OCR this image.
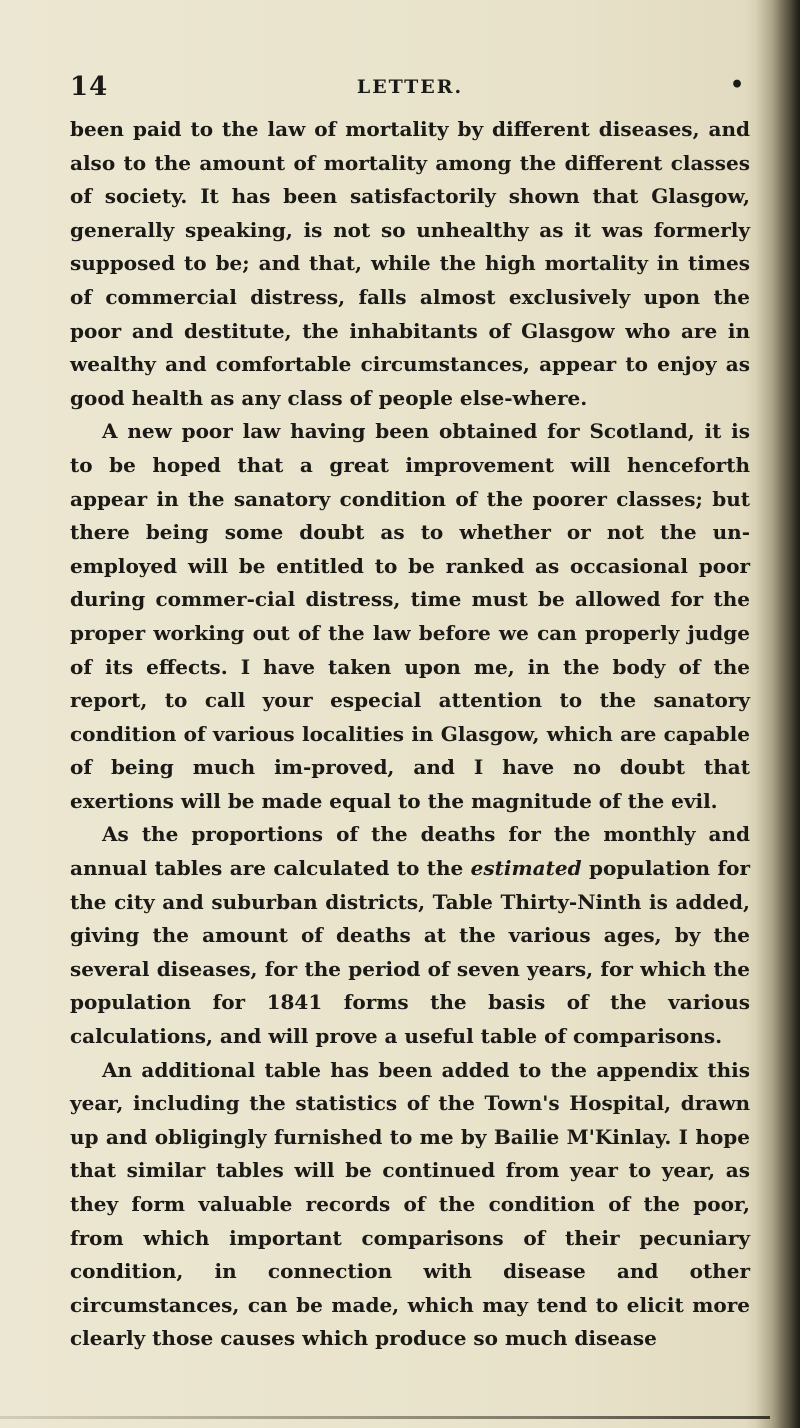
14	LETTER.	•

been paid to the law of mortality by different diseases, and also to the amount of mortality among the different classes of society. It has been satisfactorily shown that Glasgow, generally speaking, is not so unhealthy as it was formerly supposed to be; and that, while the high mortality in times of commercial distress, falls almost exclusively upon the poor and destitute, the inhabitants of Glasgow who are in wealthy and comfortable circumstances, appear to enjoy as good health as any class of people else-where.

A new poor law having been obtained for Scotland, it is to be hoped that a great improvement will henceforth appear in the sanatory condition of the poorer classes; but there being some doubt as to whether or not the un-employed will be entitled to be ranked as occasional poor during commer-cial distress, time must be allowed for the proper working out of the law before we can properly judge of its effects. I have taken upon me, in the body of the report, to call your especial attention to the sanatory condition of various localities in Glasgow, which are capable of being much im-proved, and I have no doubt that exertions will be made equal to the magnitude of the evil.

As the proportions of the deaths for the monthly and annual tables are calculated to the estimated population for the city and suburban districts, Table Thirty-Ninth is added, giving the amount of deaths at the various ages, by the several diseases, for the period of seven years, for which the population for 1841 forms the basis of the various calculations, and will prove a useful table of comparisons.

An additional table has been added to the appendix this year, including the statistics of the Town's Hospital, drawn up and obligingly furnished to me by Bailie M'Kinlay. I hope that similar tables will be continued from year to year, as they form valuable records of the condition of the poor, from which important comparisons of their pecuniary condition, in connection with disease and other circumstances, can be made, which may tend to elicit more clearly those causes which produce so much disease
